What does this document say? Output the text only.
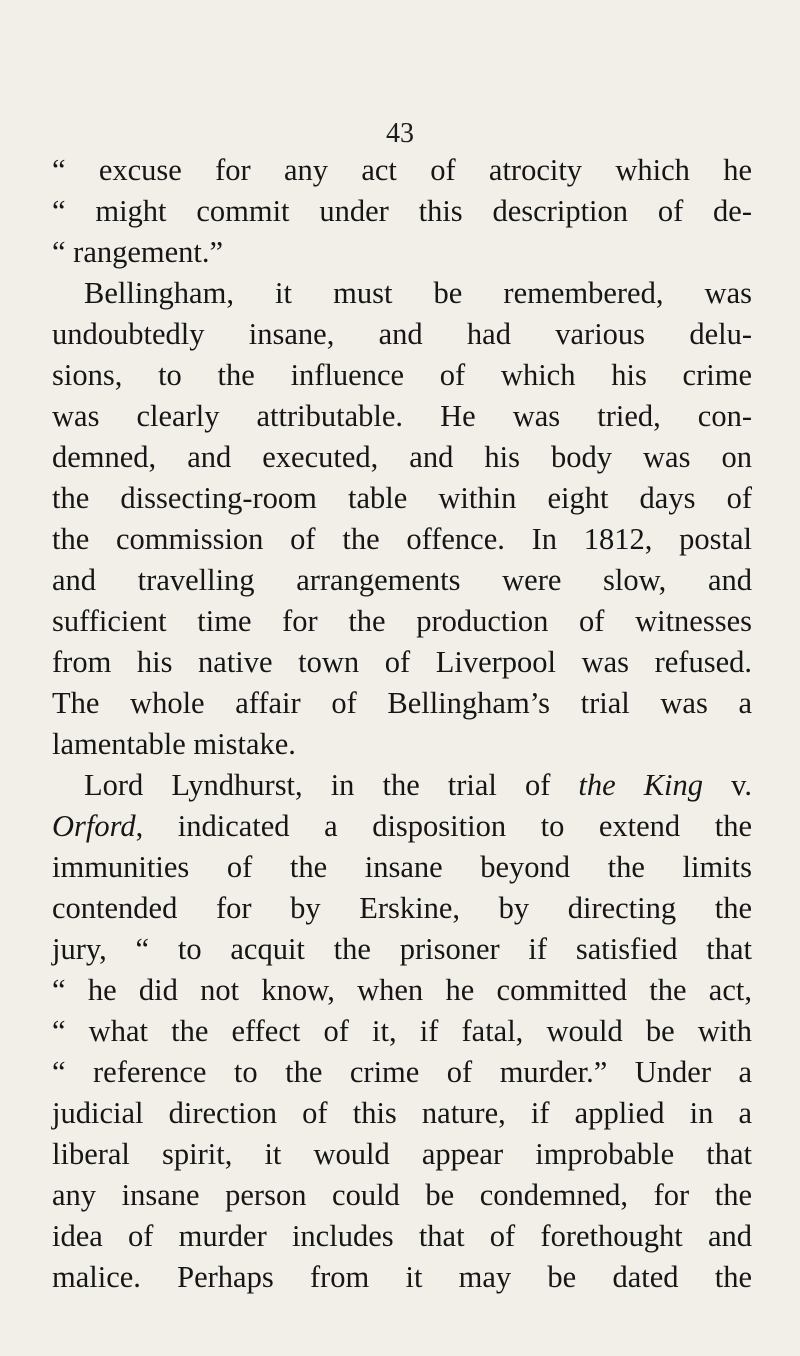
43
“ excuse for any act of atrocity which he
“ might commit under this description of de-
“ rangement.”
Bellingham, it must be remembered, was
undoubtedly insane, and had various delu-
sions, to the influence of which his crime
was clearly attributable. He was tried, con-
demned, and executed, and his body was on
the dissecting-room table within eight days of
the commission of the offence. In 1812, postal
and travelling arrangements were slow, and
sufficient time for the production of witnesses
from his native town of Liverpool was refused.
The whole affair of Bellingham’s trial was a
lamentable mistake.
Lord Lyndhurst, in the trial of the King v.
Orford, indicated a disposition to extend the
immunities of the insane beyond the limits
contended for by Erskine, by directing the
jury, “ to acquit the prisoner if satisfied that
“ he did not know, when he committed the act,
“ what the effect of it, if fatal, would be with
“ reference to the crime of murder.” Under a
judicial direction of this nature, if applied in a
liberal spirit, it would appear improbable that
any insane person could be condemned, for the
idea of murder includes that of forethought and
malice. Perhaps from it may be dated the
